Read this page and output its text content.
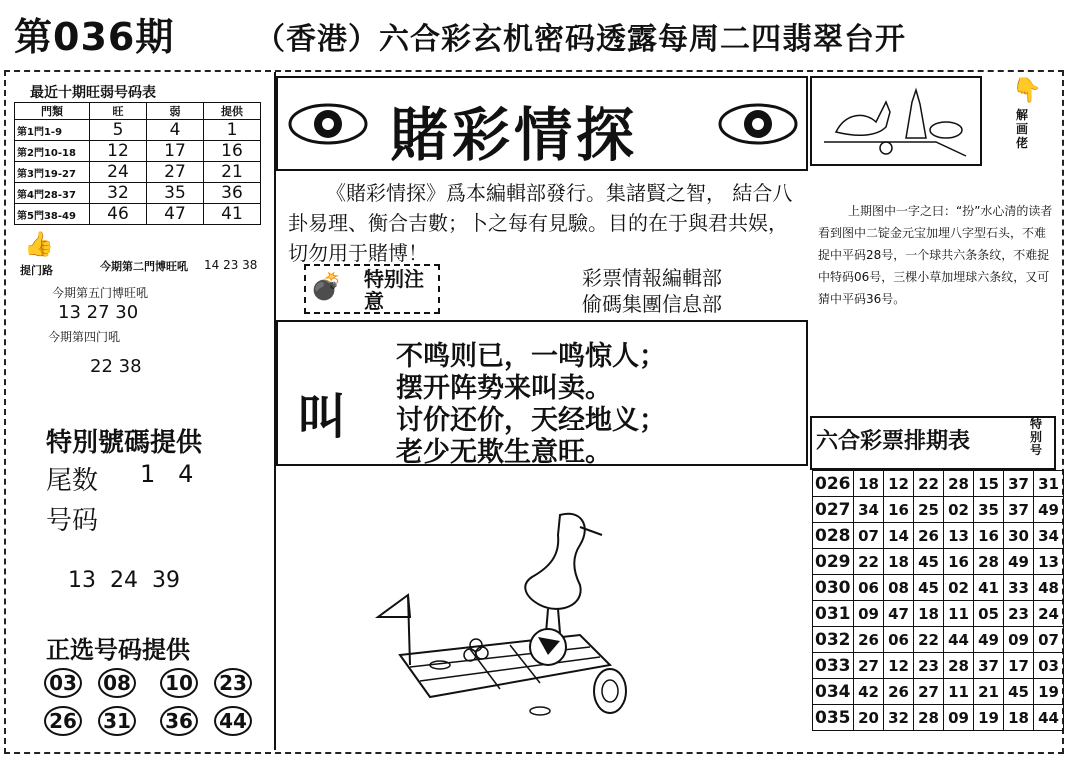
第036期	（香港）六合彩玄机密码透露每周二四翡翠台开
最近十期旺弱号码表
門類	旺	弱	提供
第1門1-9	5	4	1
第2門10-18	12	17	16
第3門19-27	24	27	21
第4門28-37	32	35	36
第5門38-49	46	47	41
👍
提门路	今期第二門博旺吼 14 23 38
今期第五门博旺吼
13 27 30
今期第四门吼
22 38
特別號碼提供
尾数 1   4
号码
13  24  39
正选号码提供
03 08 10 23
26 31 36 44
賭彩情探
《賭彩情探》爲本編輯部發行。集諸賢之智， 結合八卦易理、衡合吉數；卜之每有見驗。目的在于與君共娱，切勿用于賭博！
💣 特别注意
彩票情報編輯部
偷碼集團信息部
叫
不鸣则已，一鸣惊人；
摆开阵势来叫卖。
讨价还价，天经地义；
老少无欺生意旺。
👇
解画佬
上期图中一字之曰：“扮”水心清的读者看到图中二锭金元宝加埋八字型石头，不难捉中平码28号，一个球共六条条纹，不难捉中特码06号，三棵小草加埋球六条纹，又可猜中平码36号。
六合彩票排期表
特别号
026	18	12	22	28	15	37	31
027	34	16	25	02	35	37	49
028	07	14	26	13	16	30	34
029	22	18	45	16	28	49	13
030	06	08	45	02	41	33	48
031	09	47	18	11	05	23	24
032	26	06	22	44	49	09	07
033	27	12	23	28	37	17	03
034	42	26	27	11	21	45	19
035	20	32	28	09	19	18	44
